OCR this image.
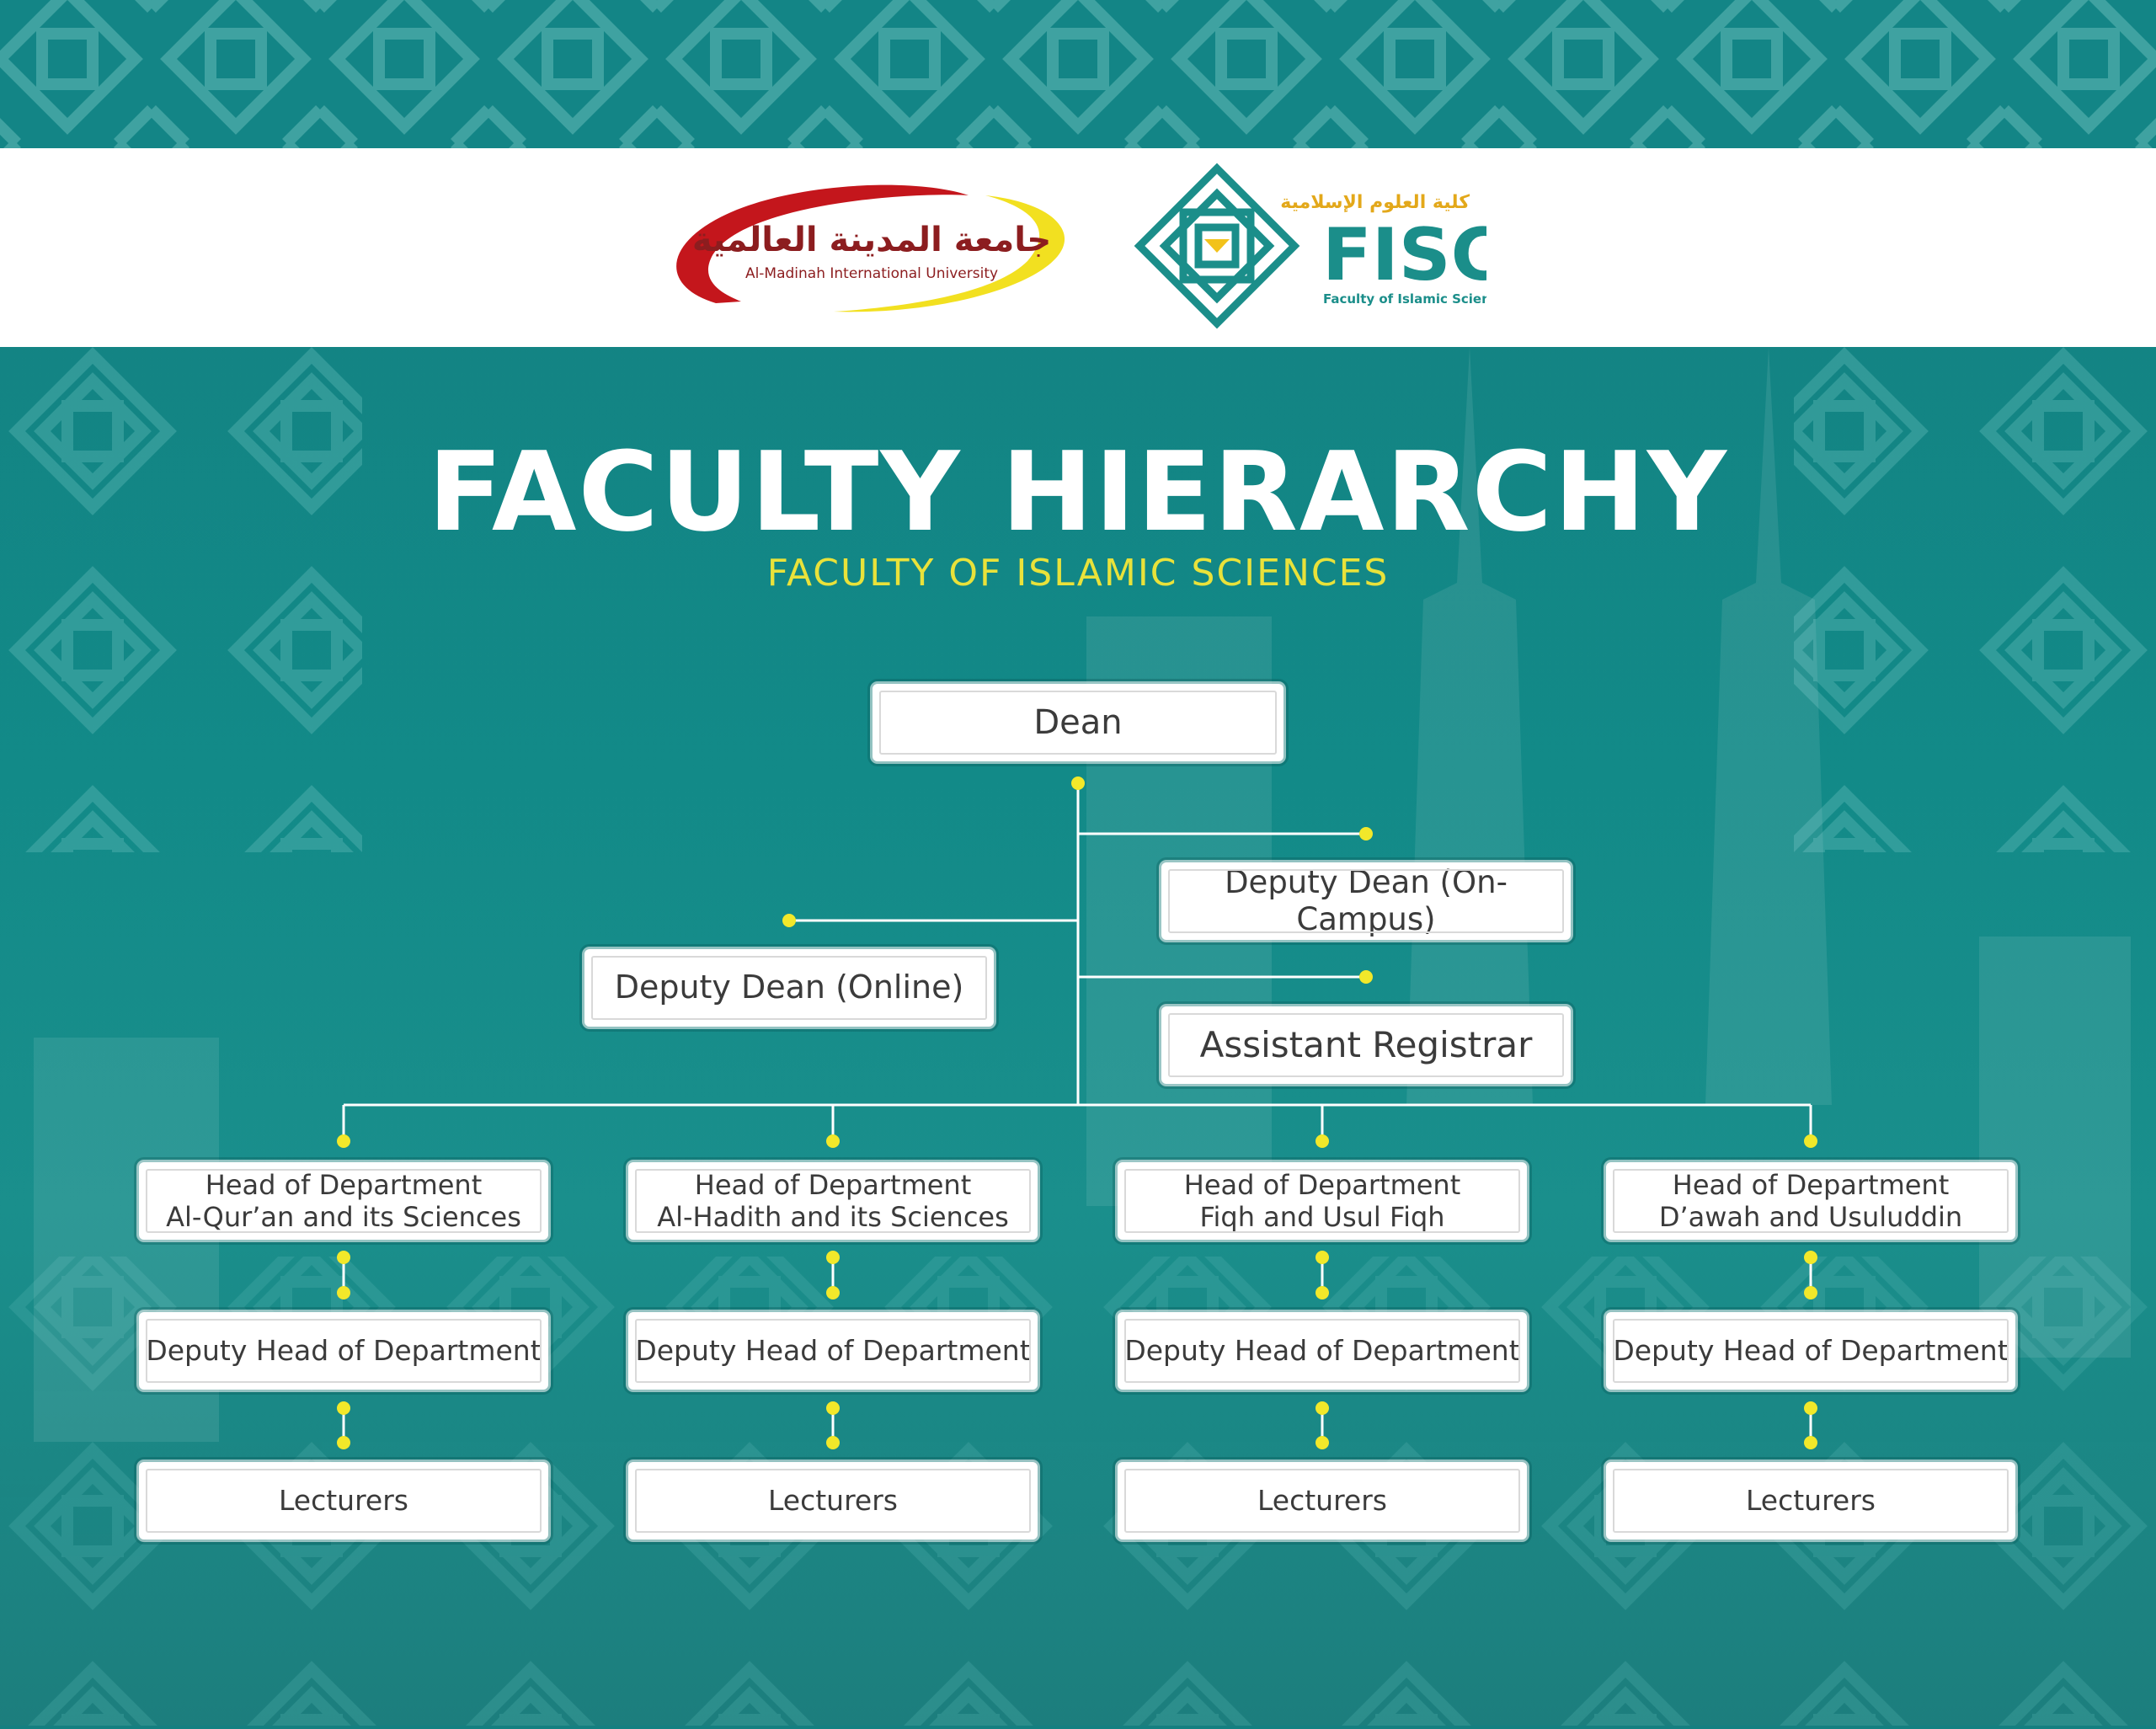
جامعة المدينة العالمية
Al-Madinah International University
كلية العلوم الإسلامية
FISC
Faculty of Islamic Scien
FACULTY HIERARCHY
FACULTY OF ISLAMIC SCIENCES
Dean
Deputy Dean (On-Campus)
Deputy Dean (Online)
Assistant Registrar
Head of Department
Al-Qur’an and its Sciences
Deputy Head of Department
Lecturers
Head of Department
Al-Hadith and its Sciences
Deputy Head of Department
Lecturers
Head of Department
Fiqh and Usul Fiqh
Deputy Head of Department
Lecturers
Head of Department
D’awah and Usuluddin
Deputy Head of Department
Lecturers
